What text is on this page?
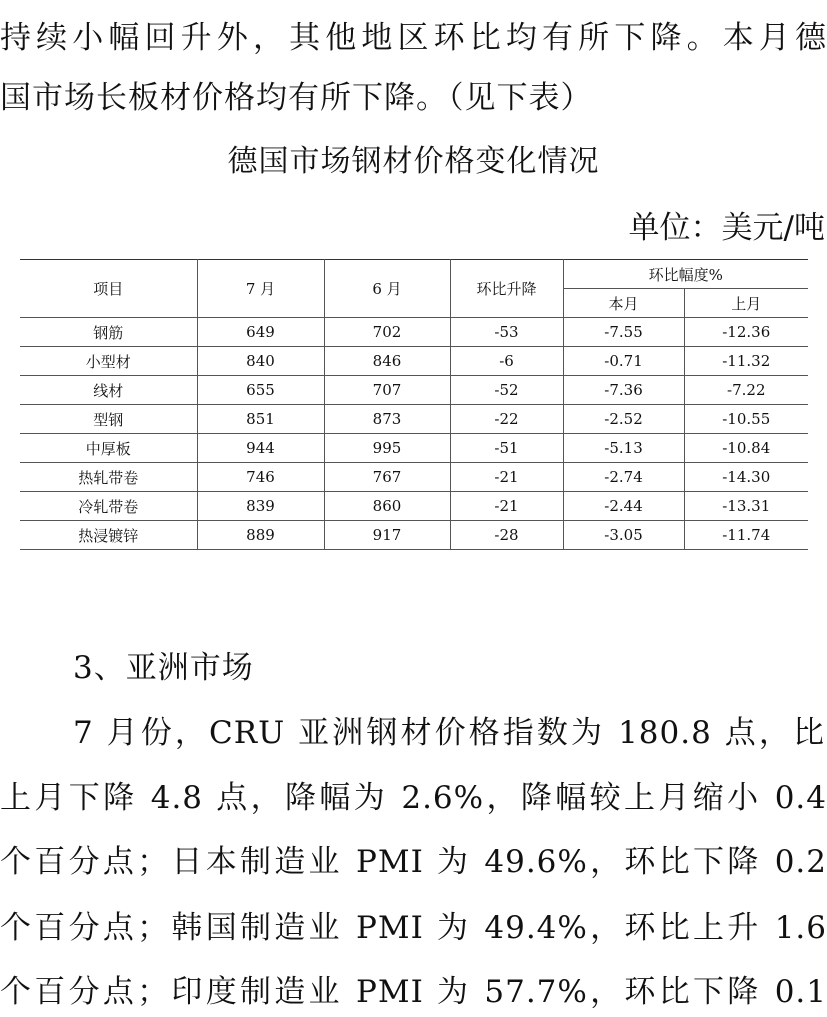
持续小幅回升外，其他地区环比均有所下降。本月德
国市场长板材价格均有所下降。（见下表）
德国市场钢材价格变化情况
单位：美元/吨
项目	7 月	6 月	环比升降	环比幅度%	
				本月	上月
钢筋	649	702	-53	-7.55	-12.36
小型材	840	846	-6	-0.71	-11.32
线材	655	707	-52	-7.36	-7.22
型钢	851	873	-22	-2.52	-10.55
中厚板	944	995	-51	-5.13	-10.84
热轧带卷	746	767	-21	-2.74	-14.30
冷轧带卷	839	860	-21	-2.44	-13.31
热浸镀锌	889	917	-28	-3.05	-11.74
3、亚洲市场
7 月份，CRU 亚洲钢材价格指数为 180.8 点，比
上月下降 4.8 点，降幅为 2.6%，降幅较上月缩小 0.4
个百分点；日本制造业 PMI 为 49.6%，环比下降 0.2
个百分点；韩国制造业 PMI 为 49.4%，环比上升 1.6
个百分点；印度制造业 PMI 为 57.7%，环比下降 0.1
